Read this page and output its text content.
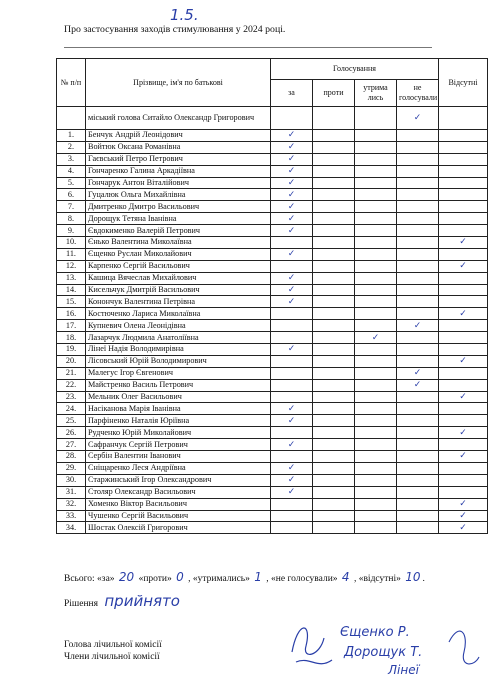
1.5.
Про застосування заходів стимулювання у 2024 році.
№ п/п	Прізвище, ім'я по батькові	Голосування				Відсутні
		за	проти	утрима лись	не голосували	
	міський голова Ситайло Олександр Григорович				✓	
1.	Бенчук Андрій Леонідович	✓				
2.	Войтюк Оксана Романівна	✓				
3.	Гаєвський Петро Петрович	✓				
4.	Гончаренко Галина Аркадіївна	✓				
5.	Гончарук Антон Віталійович	✓				
6.	Гуцалюк Ольга Михайлівна	✓				
7.	Дмитренко Дмитро Васильович	✓				
8.	Дорощук Тетяна Іванівна	✓				
9.	Євдокименко Валерій Петрович	✓				
10.	Єнько Валентина Миколаївна					✓
11.	Єщенко Руслан Миколайович	✓				
12.	Карпенко Сергій Васильович					✓
13.	Кашица Вячеслав Михайлович	✓				
14.	Кисельчук Дмитрій Васильович	✓				
15.	Конончук Валентина Петрівна	✓				
16.	Костюченко Лариса Миколаївна					✓
17.	Купневич Олена Леонідівна				✓	
18.	Лазарчук Людмила Анатоліївна			✓		
19.	Лінеї Надія Володимирівна	✓				
20.	Лісовський Юрій Володимирович					✓
21.	Малегус Ігор Євгенович				✓	
22.	Майстренко Василь Петрович				✓	
23.	Мельник Олег Васильович					✓
24.	Насіканова Марія Іванівна	✓				
25.	Парфіненко Наталія Юріївна	✓				
26.	Рудченко Юрій Миколайович					✓
27.	Сафранчук Сергій Петрович	✓				
28.	Сербін Валентин Іванович					✓
29.	Сніщаренко Леся Андріївна	✓				
30.	Старжинський Ігор Олександрович	✓				
31.	Столяр Олександр Васильович	✓				
32.	Хоменко Віктор Васильович					✓
33.	Чушенко Сергій Васильович					✓
34.	Шостак Олексій Григорович					✓
Всього: «за» 20 «проти» 0 , «утримались» 1 , «не голосували» 4 , «відсутні» 10 .
Рішення прийнято
Голова лічильної комісії
Члени лічильної комісії
Єщенко Р.
Дорощук Т.
Лінеї
